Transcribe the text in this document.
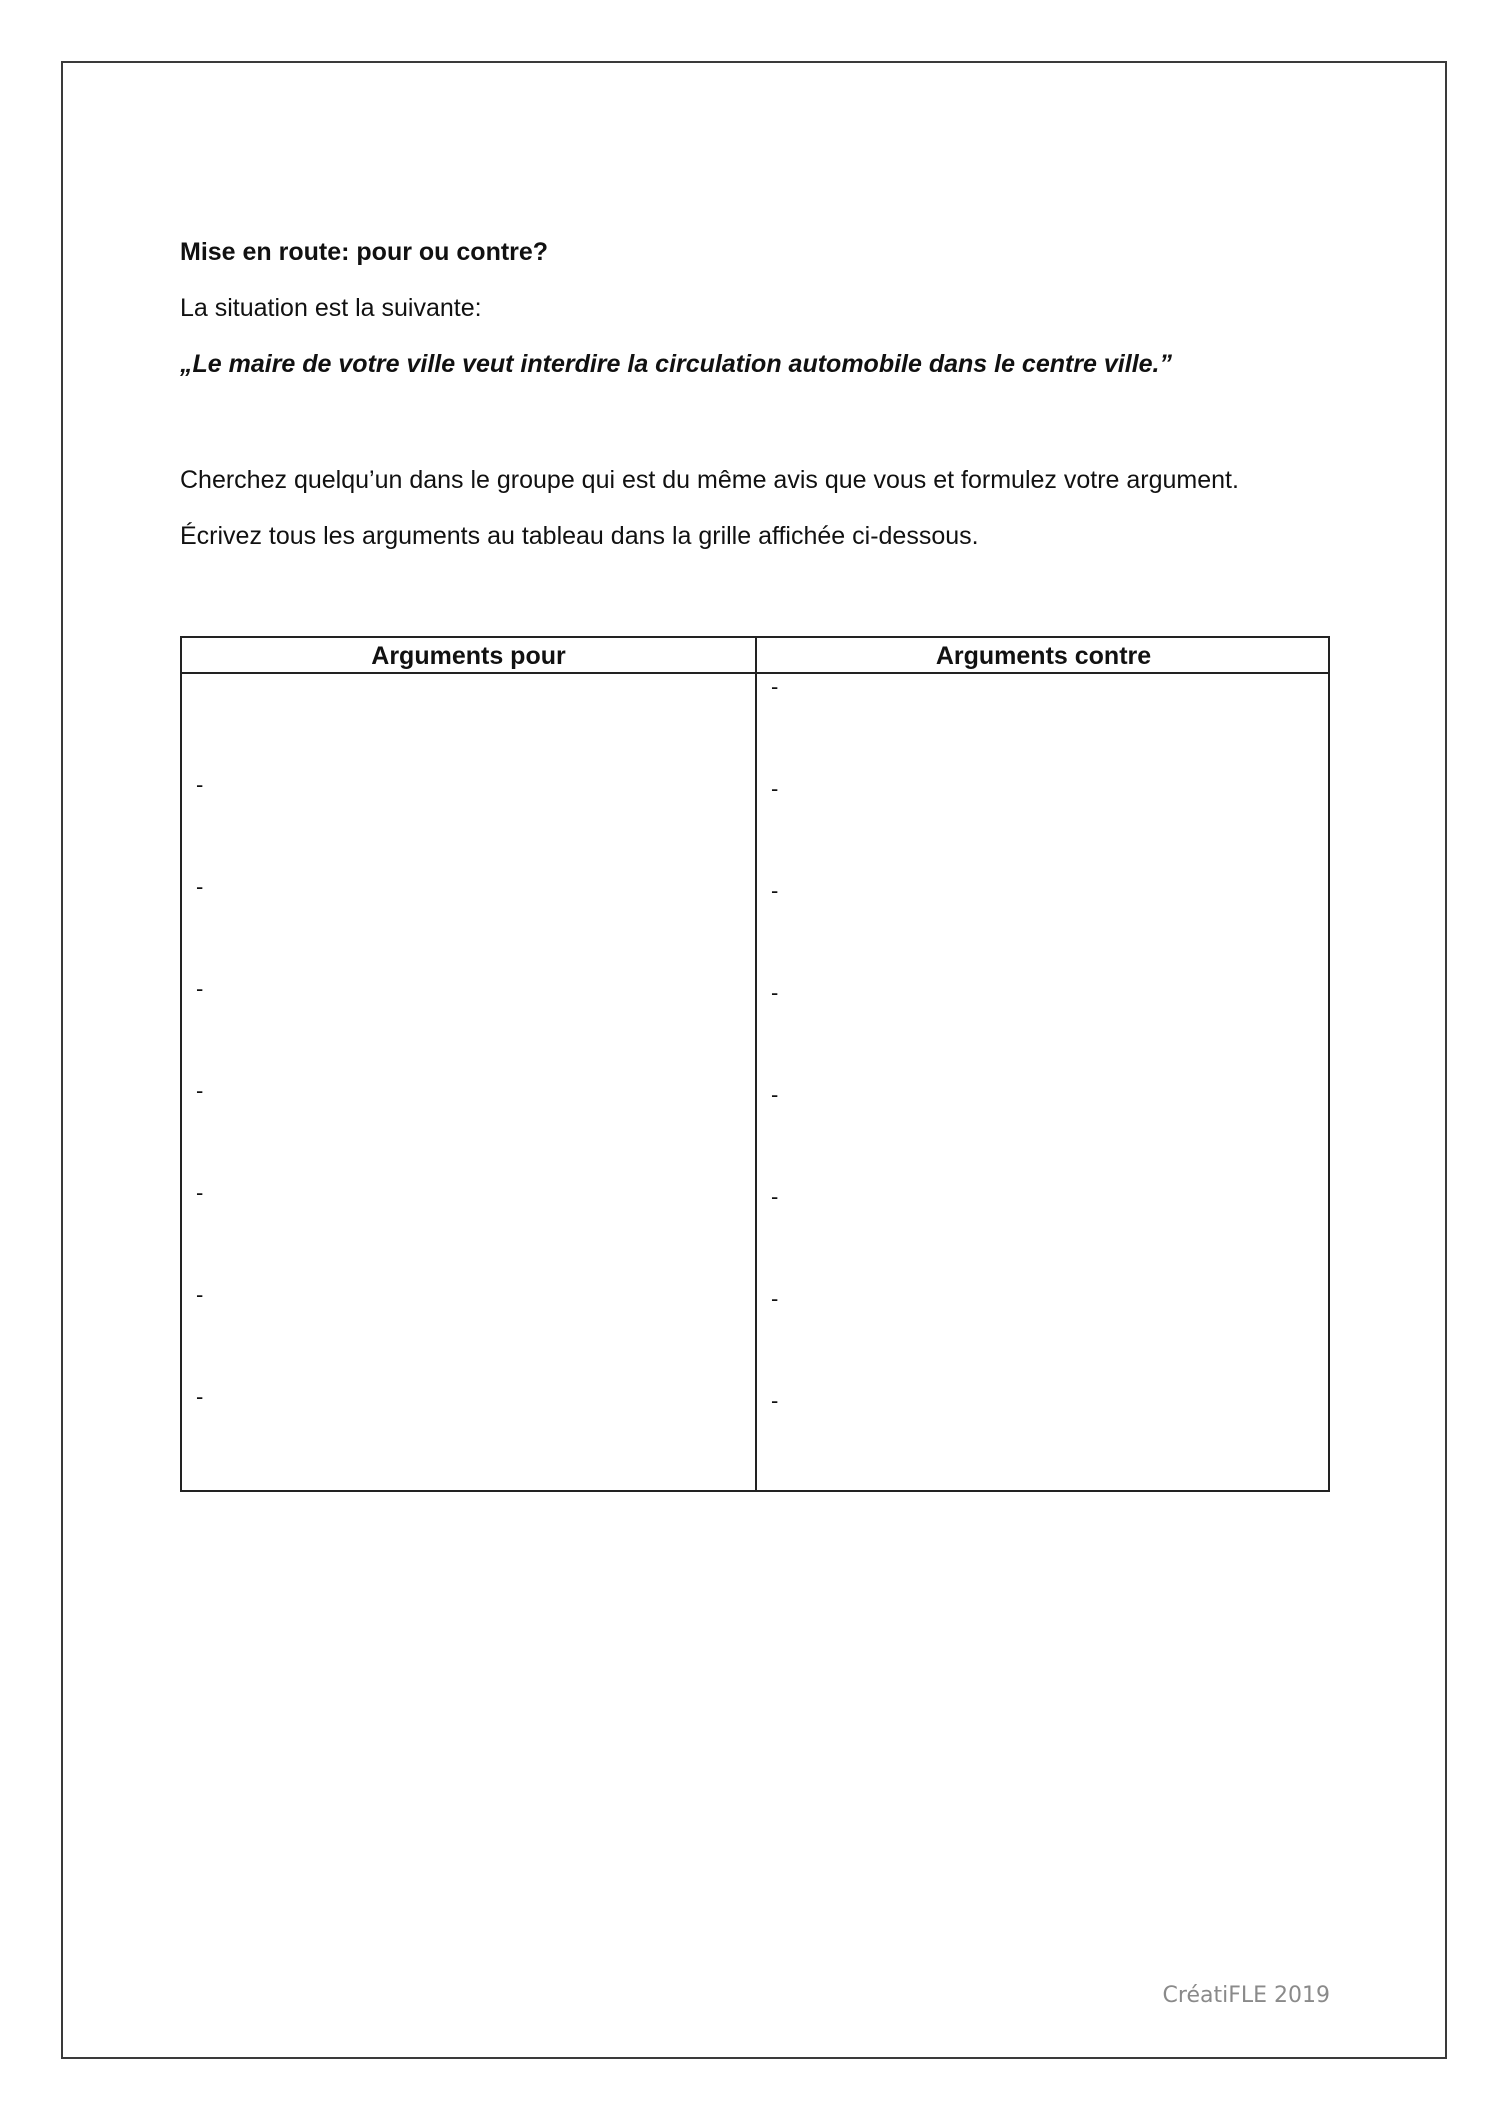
Mise en route: pour ou contre?

La situation est la suivante:

„Le maire de votre ville veut interdire la circulation automobile dans le centre ville.”

Cherchez quelqu’un dans le groupe qui est du même avis que vous et formulez votre argument.

Écrivez tous les arguments au tableau dans la grille affichée ci-dessous.

Arguments pour	Arguments contre
-
-
-
-
-
-
-
-
-
-
-
-
-
-
-

CréatiFLE 2019
